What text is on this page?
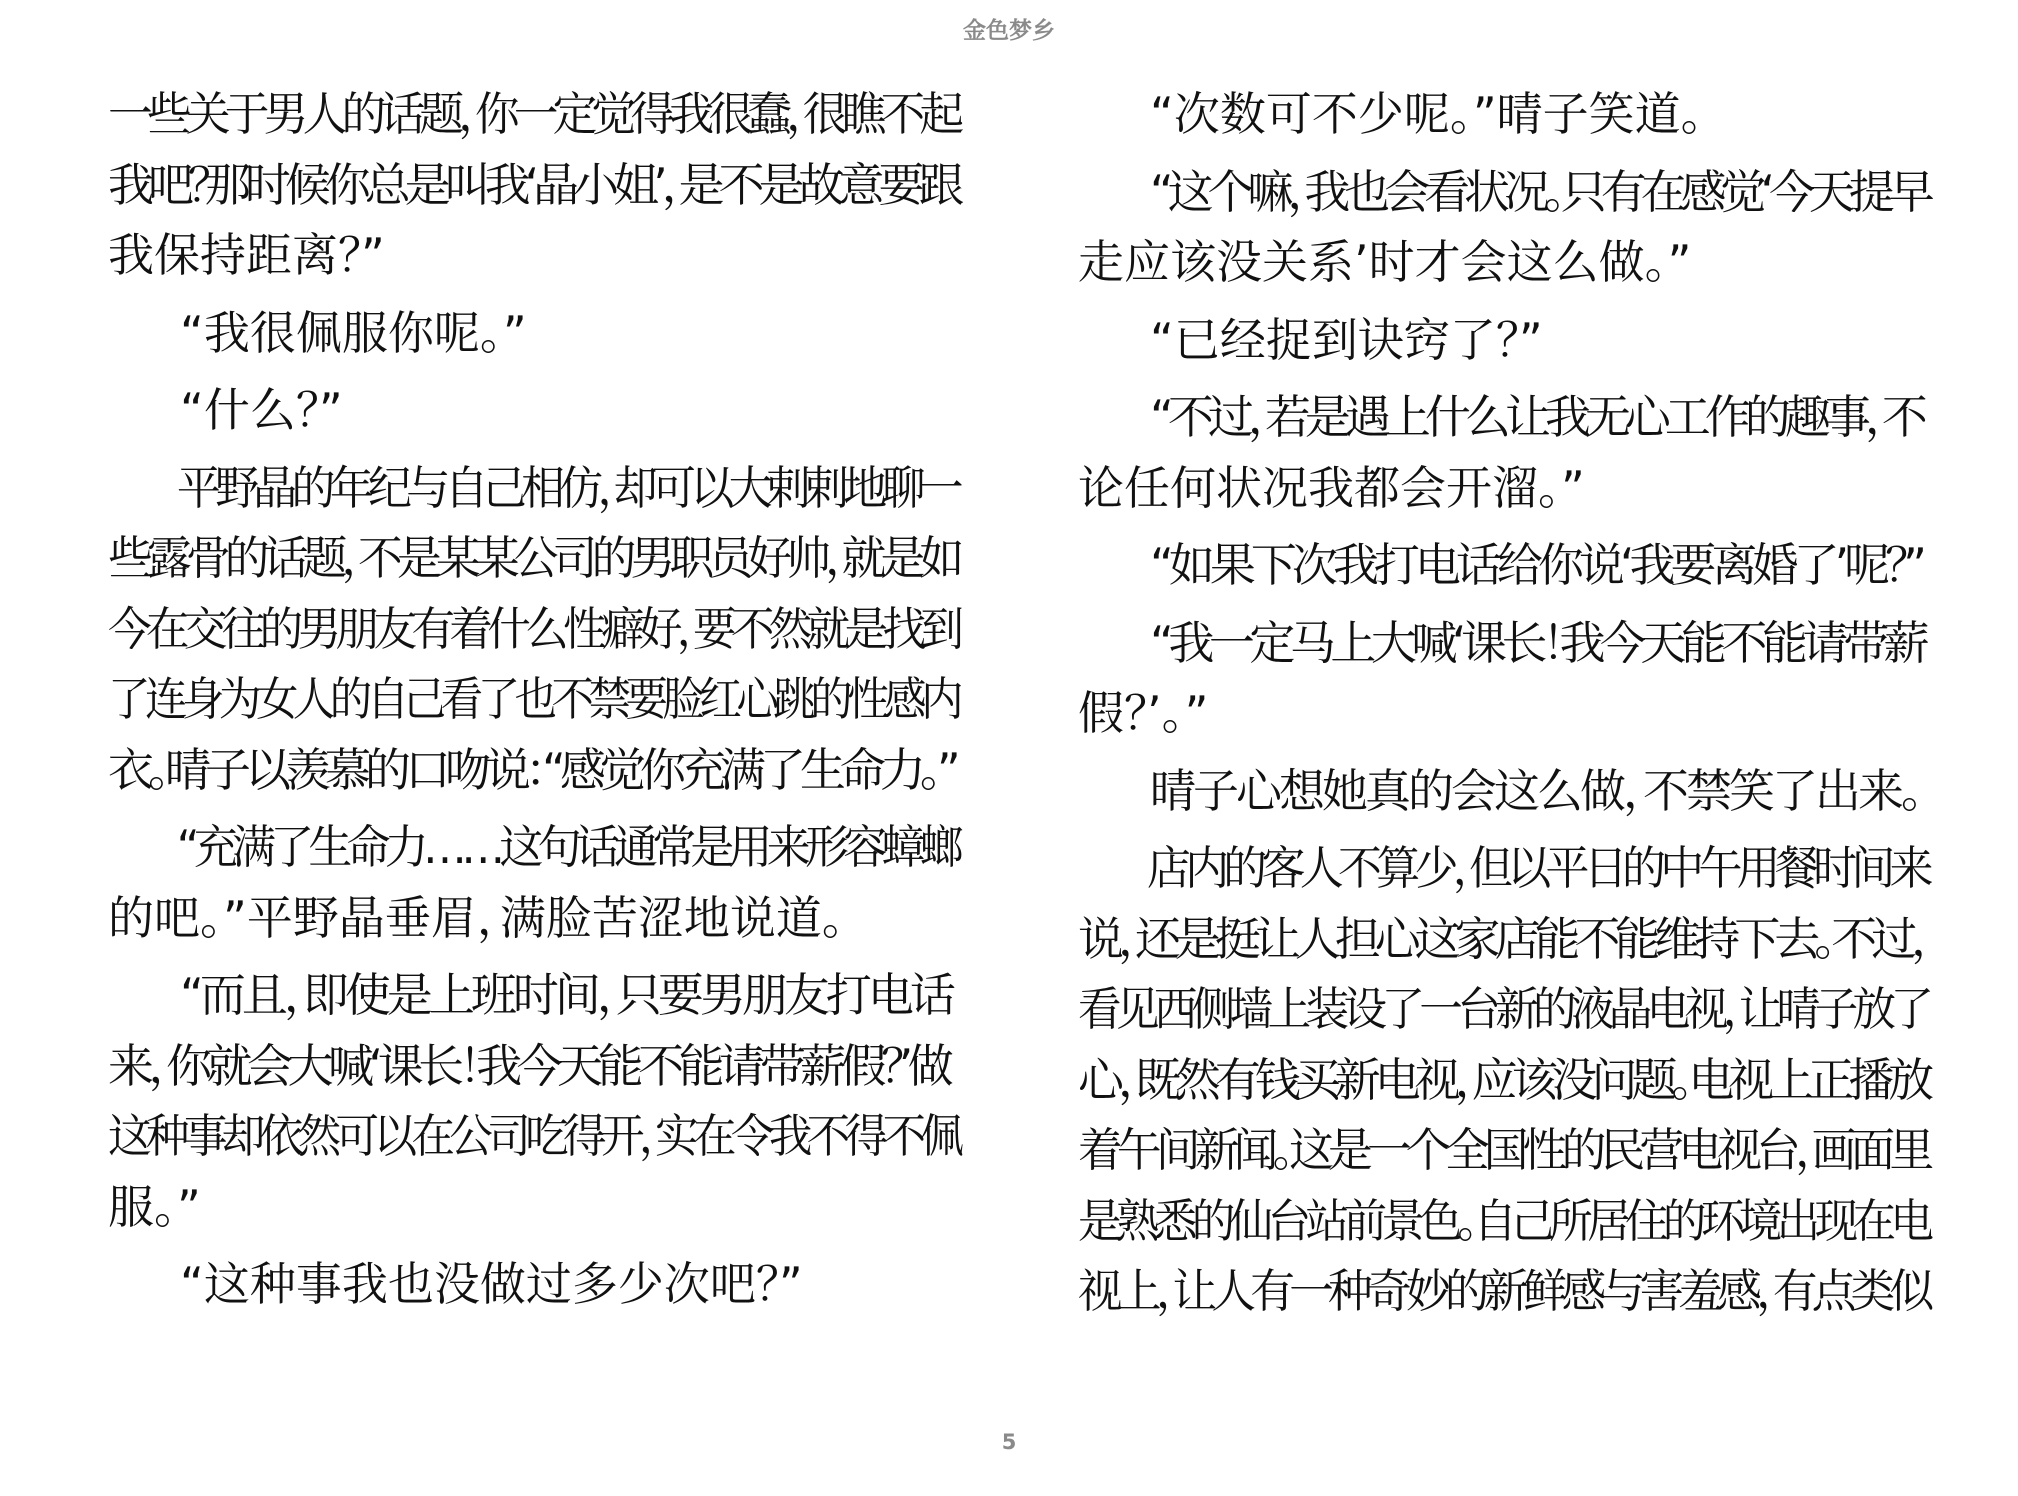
金色梦乡
一些关于男人的话题，你一定觉得我很蠢，很瞧不起
我吧？那时候你总是叫我‘晶小姐’，是不是故意要跟
我保持距离？”
“我很佩服你呢。”
“什么？”
平野晶的年纪与自己相仿，却可以大剌剌地聊一
些露骨的话题，不是某某公司的男职员好帅，就是如
今在交往的男朋友有着什么性癖好，要不然就是找到
了连身为女人的自己看了也不禁要脸红心跳的性感内
衣。晴子以羡慕的口吻说：“感觉你充满了生命力。”
“充满了生命力……这句话通常是用来形容蟑螂
的吧。”平野晶垂眉，满脸苦涩地说道。
“而且，即使是上班时间，只要男朋友打电话
来，你就会大喊‘课长！我今天能不能请带薪假？’做
这种事却依然可以在公司吃得开，实在令我不得不佩
服。”
“这种事我也没做过多少次吧？”
“次数可不少呢。”晴子笑道。
“这个嘛，我也会看状况。只有在感觉‘今天提早
走应该没关系’时才会这么做。”
“已经捉到诀窍了？”
“不过，若是遇上什么让我无心工作的趣事，不
论任何状况我都会开溜。”
“如果下次我打电话给你说‘我要离婚了’呢？”
“我一定马上大喊‘课长！我今天能不能请带薪
假？’。”
晴子心想她真的会这么做，不禁笑了出来。
店内的客人不算少，但以平日的中午用餐时间来
说，还是挺让人担心这家店能不能维持下去。不过，
看见西侧墙上装设了一台新的液晶电视，让晴子放了
心，既然有钱买新电视，应该没问题。电视上正播放
着午间新闻。这是一个全国性的民营电视台，画面里
是熟悉的仙台站前景色。自己所居住的环境出现在电
视上，让人有一种奇妙的新鲜感与害羞感，有点类似
5
